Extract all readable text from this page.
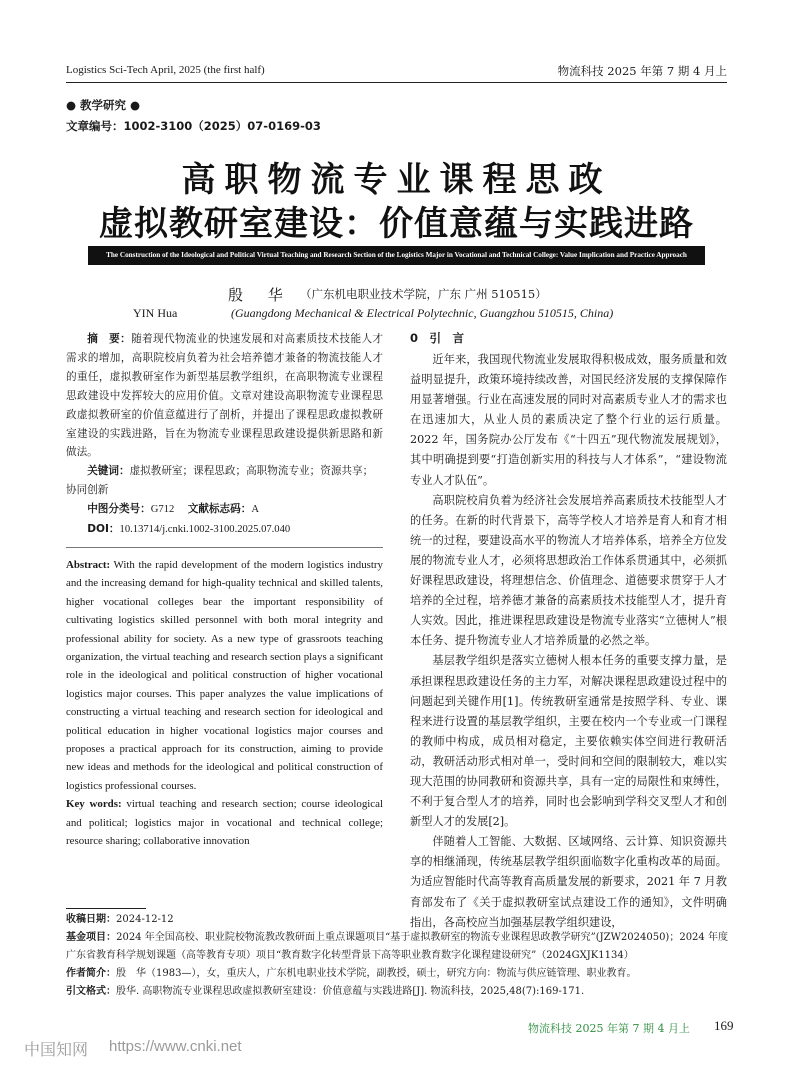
Logistics Sci-Tech April, 2025 (the first half)	物流科技 2025 年第 7 期 4 月上
● 教学研究 ●
文章编号：1002-3100（2025）07-0169-03
高职物流专业课程思政
虚拟教研室建设：价值意蕴与实践进路
The Construction of the Ideological and Political Virtual Teaching and Research Section of the Logistics Major in Vocational and Technical College: Value Implication and Practice Approach
殷 华 （广东机电职业技术学院，广东 广州 510515）
YIN Hua	(Guangdong Mechanical & Electrical Polytechnic, Guangzhou 510515, China)

摘　要：随着现代物流业的快速发展和对高素质技术技能人才需求的增加，高职院校肩负着为社会培养德才兼备的物流技能人才的重任，虚拟教研室作为新型基层教学组织，在高职物流专业课程思政建设中发挥较大的应用价值。文章对建设高职物流专业课程思政虚拟教研室的价值意蕴进行了剖析，并提出了课程思政虚拟教研室建设的实践进路，旨在为物流专业课程思政建设提供新思路和新做法。

关键词：虚拟教研室；课程思政；高职物流专业；资源共享；协同创新

中图分类号：G712 文献标志码：A

DOI：10.13714/j.cnki.1002-3100.2025.07.040

Abstract: With the rapid development of the modern logistics industry and the increasing demand for high-quality technical and skilled talents, higher vocational colleges bear the important responsibility of cultivating logistics skilled personnel with both moral integrity and professional ability for society. As a new type of grassroots teaching organization, the virtual teaching and research section plays a significant role in the ideological and political construction of higher vocational logistics major courses. This paper analyzes the value implications of constructing a virtual teaching and research section for ideological and political education in higher vocational logistics major courses and proposes a practical approach for its construction, aiming to provide new ideas and methods for the ideological and political construction of logistics professional courses.

Key words: virtual teaching and research section; course ideological and political; logistics major in vocational and technical college; resource sharing; collaborative innovation

0　引　言

近年来，我国现代物流业发展取得积极成效，服务质量和效益明显提升，政策环境持续改善，对国民经济发展的支撑保障作用显著增强。行业在高速发展的同时对高素质专业人才的需求也在迅速加大，从业人员的素质决定了整个行业的运行质量。2022 年，国务院办公厅发布《“十四五”现代物流发展规划》，其中明确提到要“打造创新实用的科技与人才体系”，“建设物流专业人才队伍”。

高职院校肩负着为经济社会发展培养高素质技术技能型人才的任务。在新的时代背景下，高等学校人才培养是育人和育才相统一的过程，要建设高水平的物流人才培养体系，培养全方位发展的物流专业人才，必须将思想政治工作体系贯通其中，必须抓好课程思政建设，将理想信念、价值理念、道德要求贯穿于人才培养的全过程，培养德才兼备的高素质技术技能型人才，提升育人实效。因此，推进课程思政建设是物流专业落实“立德树人”根本任务、提升物流专业人才培养质量的必然之举。

基层教学组织是落实立德树人根本任务的重要支撑力量，是承担课程思政建设任务的主力军，对解决课程思政建设过程中的问题起到关键作用[1]。传统教研室通常是按照学科、专业、课程来进行设置的基层教学组织，主要在校内一个专业或一门课程的教师中构成，成员相对稳定，主要依赖实体空间进行教研活动，教研活动形式相对单一，受时间和空间的限制较大，难以实现大范围的协同教研和资源共享，具有一定的局限性和束缚性，不利于复合型人才的培养，同时也会影响到学科交叉型人才和创新型人才的发展[2]。

伴随着人工智能、大数据、区域网络、云计算、知识资源共享的相继涌现，传统基层教学组织面临数字化重构改革的局面。为适应智能时代高等教育高质量发展的新要求，2021 年 7 月教育部发布了《关于虚拟教研室试点建设工作的通知》，文件明确指出，各高校应当加强基层教学组织建设，

收稿日期：2024-12-12

基金项目：2024 年全国高校、职业院校物流教改教研面上重点课题项目“基于虚拟教研室的物流专业课程思政教学研究”(JZW2024050)；2024 年度广东省教育科学规划课题（高等教育专项）项目“教育数字化转型背景下高等职业教育数字化课程建设研究”（2024GXJK1134）

作者简介：殷　华（1983—），女，重庆人，广东机电职业技术学院，副教授，硕士，研究方向：物流与供应链管理、职业教育。

引文格式：殷华. 高职物流专业课程思政虚拟教研室建设：价值意蕴与实践进路[J]. 物流科技，2025,48(7):169-171.

物流科技 2025 年第 7 期 4 月上 169
中国知网 https://www.cnki.net
